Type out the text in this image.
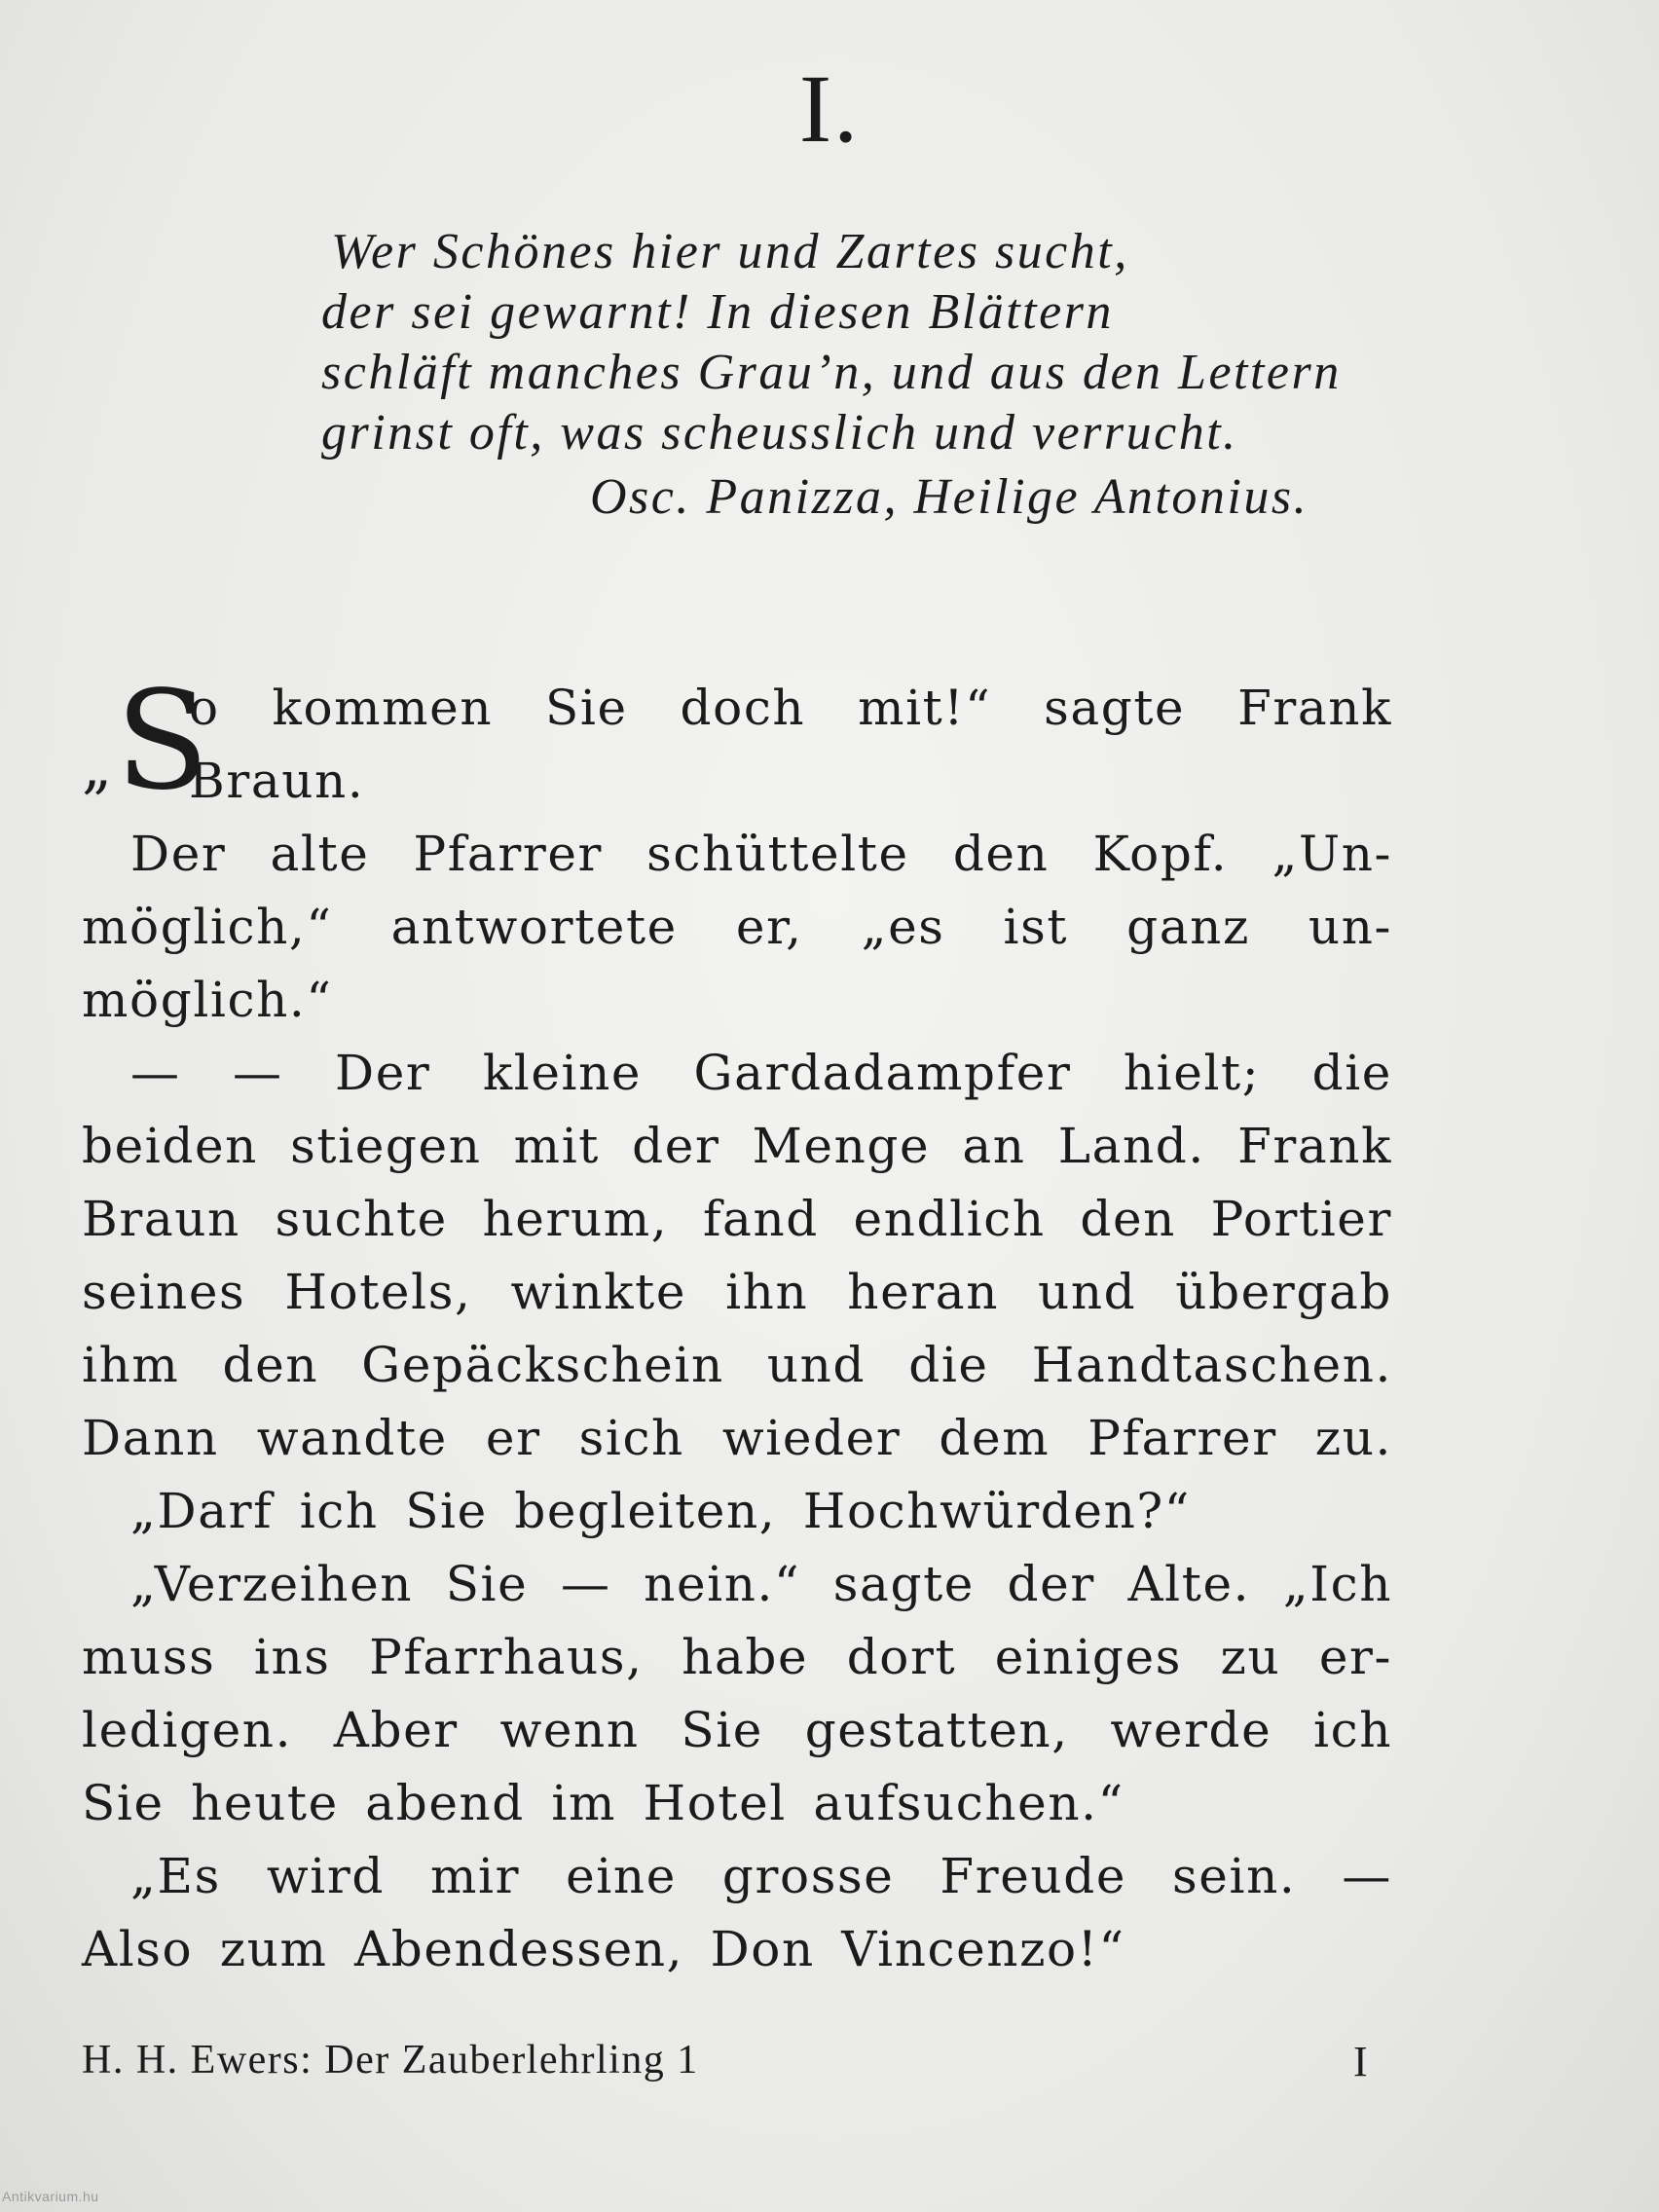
I.
Wer Schönes hier und Zartes sucht,
der sei gewarnt! In diesen Blättern
schläft manches Grau’n, und aus den Lettern
grinst oft, was scheusslich und verrucht.
Osc. Panizza, Heilige Antonius.
„S
o kommen Sie doch mit!“ sagte Frank
Braun.
Der alte Pfarrer schüttelte den Kopf. „Un-
möglich,“ antwortete er, „es ist ganz un-
möglich.“
— — Der kleine Gardadampfer hielt; die
beiden stiegen mit der Menge an Land. Frank
Braun suchte herum, fand endlich den Portier
seines Hotels, winkte ihn heran und übergab
ihm den Gepäckschein und die Handtaschen.
Dann wandte er sich wieder dem Pfarrer zu.
„Darf ich Sie begleiten, Hochwürden?“
„Verzeihen Sie — nein.“ sagte der Alte. „Ich
muss ins Pfarrhaus, habe dort einiges zu er-
ledigen. Aber wenn Sie gestatten, werde ich
Sie heute abend im Hotel aufsuchen.“
„Es wird mir eine grosse Freude sein. —
Also zum Abendessen, Don Vincenzo!“
H. H. Ewers: Der Zauberlehrling 1	I
Antikvarium.hu
